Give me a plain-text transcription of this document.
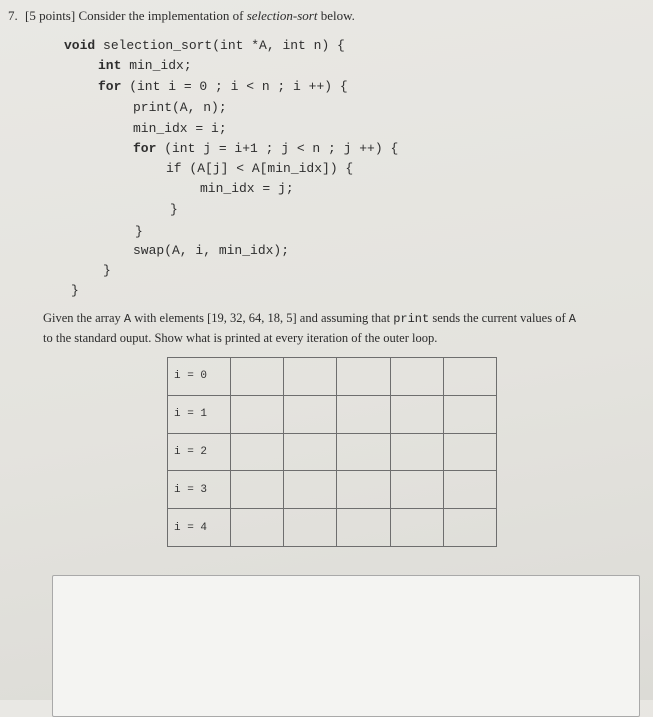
7. [5 points] Consider the implementation of selection-sort below.
void selection_sort(int *A, int n) {
int min_idx;
for (int i = 0 ; i < n ; i ++) {
print(A, n);
min_idx = i;
for (int j = i+1 ; j < n ; j ++) {
if (A[j] < A[min_idx]) {
min_idx = j;
}
}
swap(A, i, min_idx);
}
}
Given the array A with elements [19, 32, 64, 18, 5] and assuming that print sends the current values of A
to the standard ouput. Show what is printed at every iteration of the outer loop.
i = 0					
i = 1					
i = 2					
i = 3					
i = 4					
